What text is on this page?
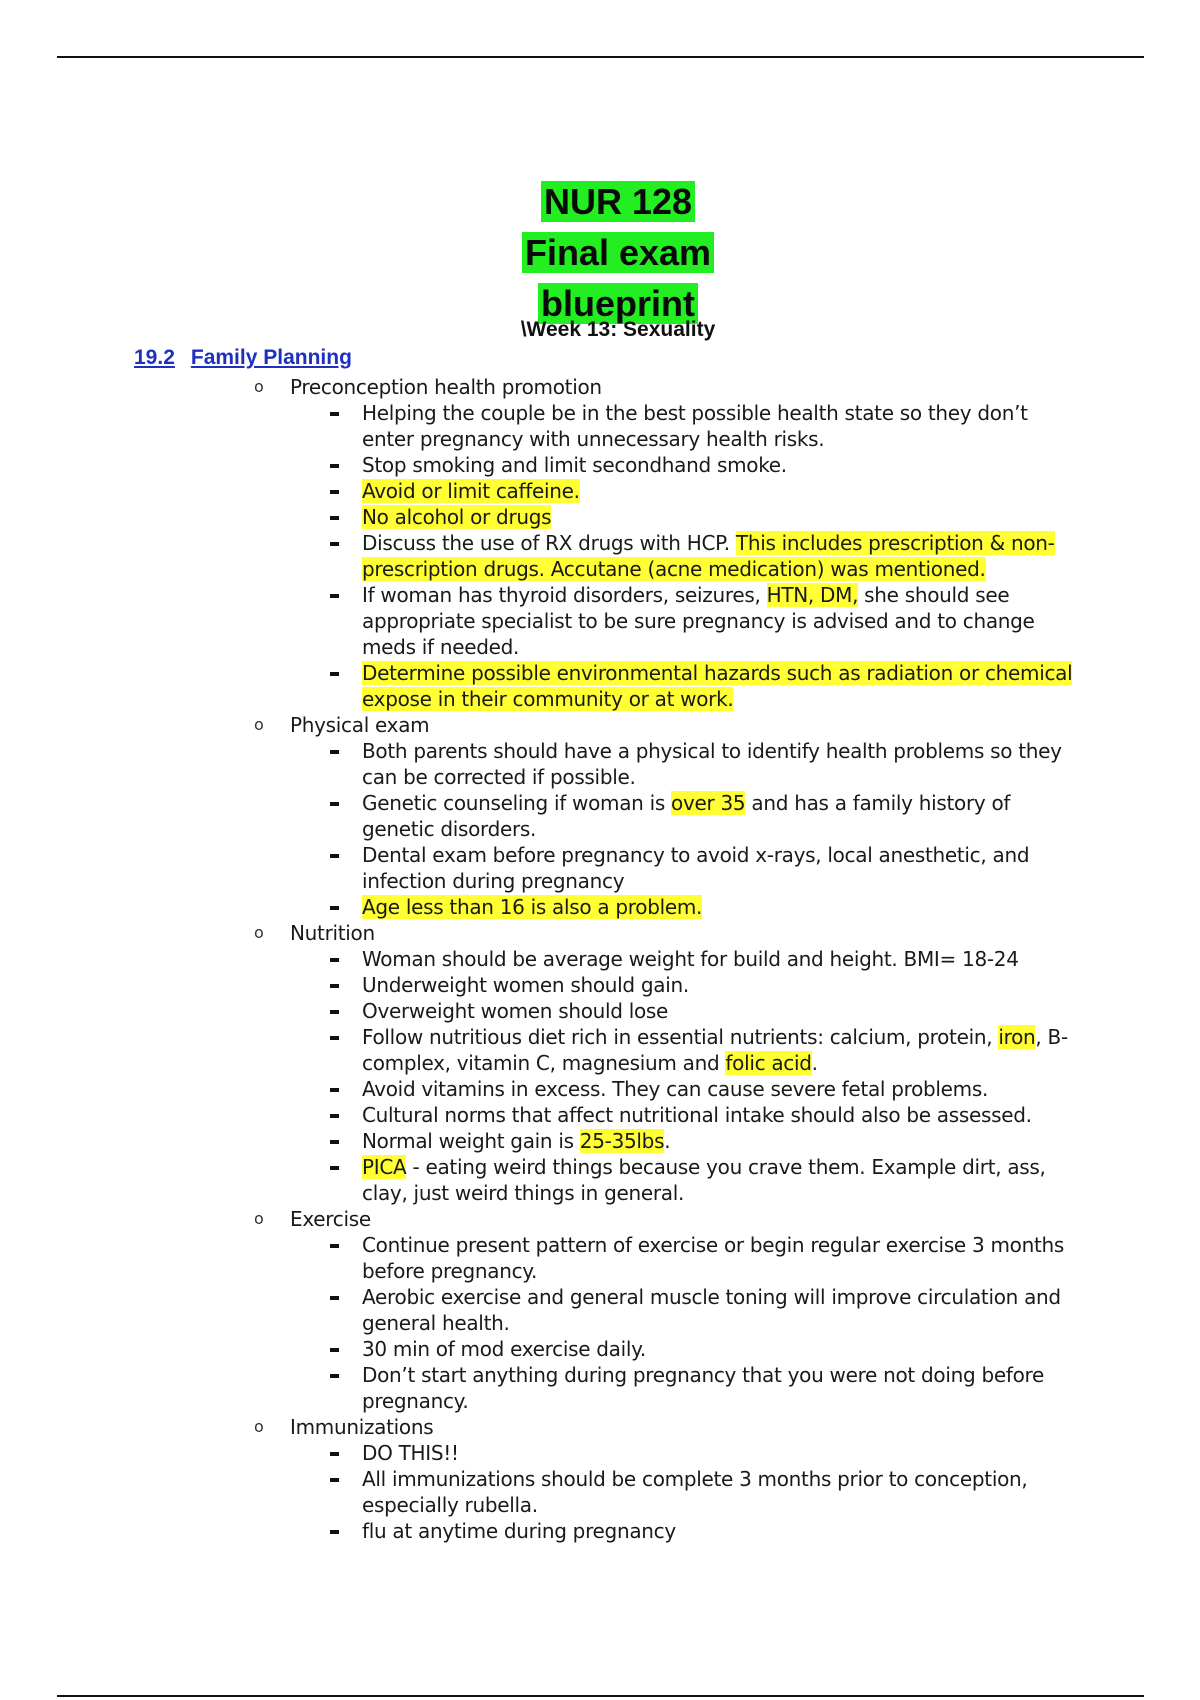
NUR 128
Final exam
blueprint
\Week 13: Sexuality
19.2 Family Planning
o Preconception health promotion
Helping the couple be in the best possible health state so they don’t enter pregnancy with unnecessary health risks.
Stop smoking and limit secondhand smoke.
Avoid or limit caffeine.
No alcohol or drugs
Discuss the use of RX drugs with HCP. This includes prescription & non-prescription drugs. Accutane (acne medication) was mentioned.
If woman has thyroid disorders, seizures, HTN, DM, she should see appropriate specialist to be sure pregnancy is advised and to change meds if needed.
Determine possible environmental hazards such as radiation or chemical expose in their community or at work.
o Physical exam
Both parents should have a physical to identify health problems so they can be corrected if possible.
Genetic counseling if woman is over 35 and has a family history of genetic disorders.
Dental exam before pregnancy to avoid x-rays, local anesthetic, and infection during pregnancy
Age less than 16 is also a problem.
o Nutrition
Woman should be average weight for build and height. BMI= 18-24
Underweight women should gain.
Overweight women should lose
Follow nutritious diet rich in essential nutrients: calcium, protein, iron, B-complex, vitamin C, magnesium and folic acid.
Avoid vitamins in excess. They can cause severe fetal problems.
Cultural norms that affect nutritional intake should also be assessed.
Normal weight gain is 25-35lbs.
PICA - eating weird things because you crave them. Example dirt, ass, clay, just weird things in general.
o Exercise
Continue present pattern of exercise or begin regular exercise 3 months before pregnancy.
Aerobic exercise and general muscle toning will improve circulation and general health.
30 min of mod exercise daily.
Don’t start anything during pregnancy that you were not doing before pregnancy.
o Immunizations
DO THIS!!
All immunizations should be complete 3 months prior to conception, especially rubella.
flu at anytime during pregnancy
